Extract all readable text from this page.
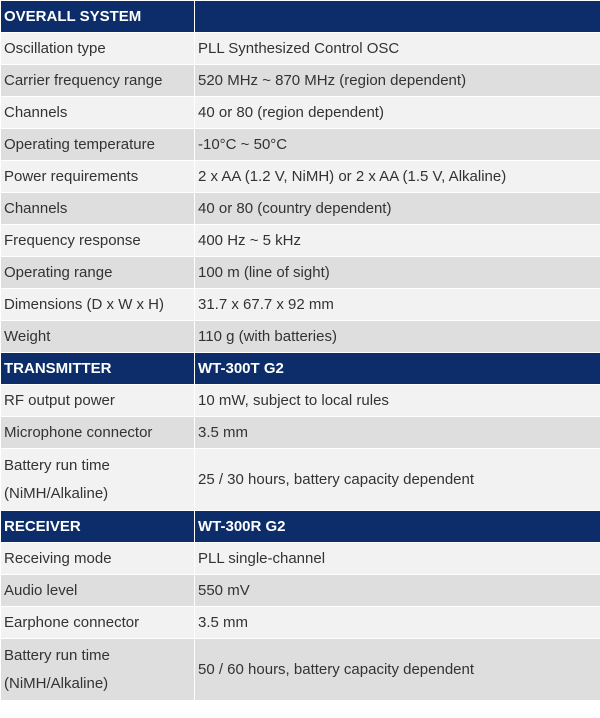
OVERALL SYSTEM	
Oscillation type	PLL Synthesized Control OSC
Carrier frequency range	520 MHz ~ 870 MHz (region dependent)
Channels	40 or 80 (region dependent)
Operating temperature	-10°C ~ 50°C
Power requirements	2 x AA (1.2 V, NiMH) or 2 x AA (1.5 V, Alkaline)
Channels	40 or 80 (country dependent)
Frequency response	400 Hz ~ 5 kHz
Operating range	100 m (line of sight)
Dimensions (D x W x H)	31.7 x 67.7 x 92 mm
Weight	110 g (with batteries)
TRANSMITTER	WT-300T G2
RF output power	10 mW, subject to local rules
Microphone connector	3.5 mm
Battery run time (NiMH/Alkaline)	25 / 30 hours, battery capacity dependent
RECEIVER	WT-300R G2
Receiving mode	PLL single-channel
Audio level	550 mV
Earphone connector	3.5 mm
Battery run time (NiMH/Alkaline)	50 / 60 hours, battery capacity dependent
